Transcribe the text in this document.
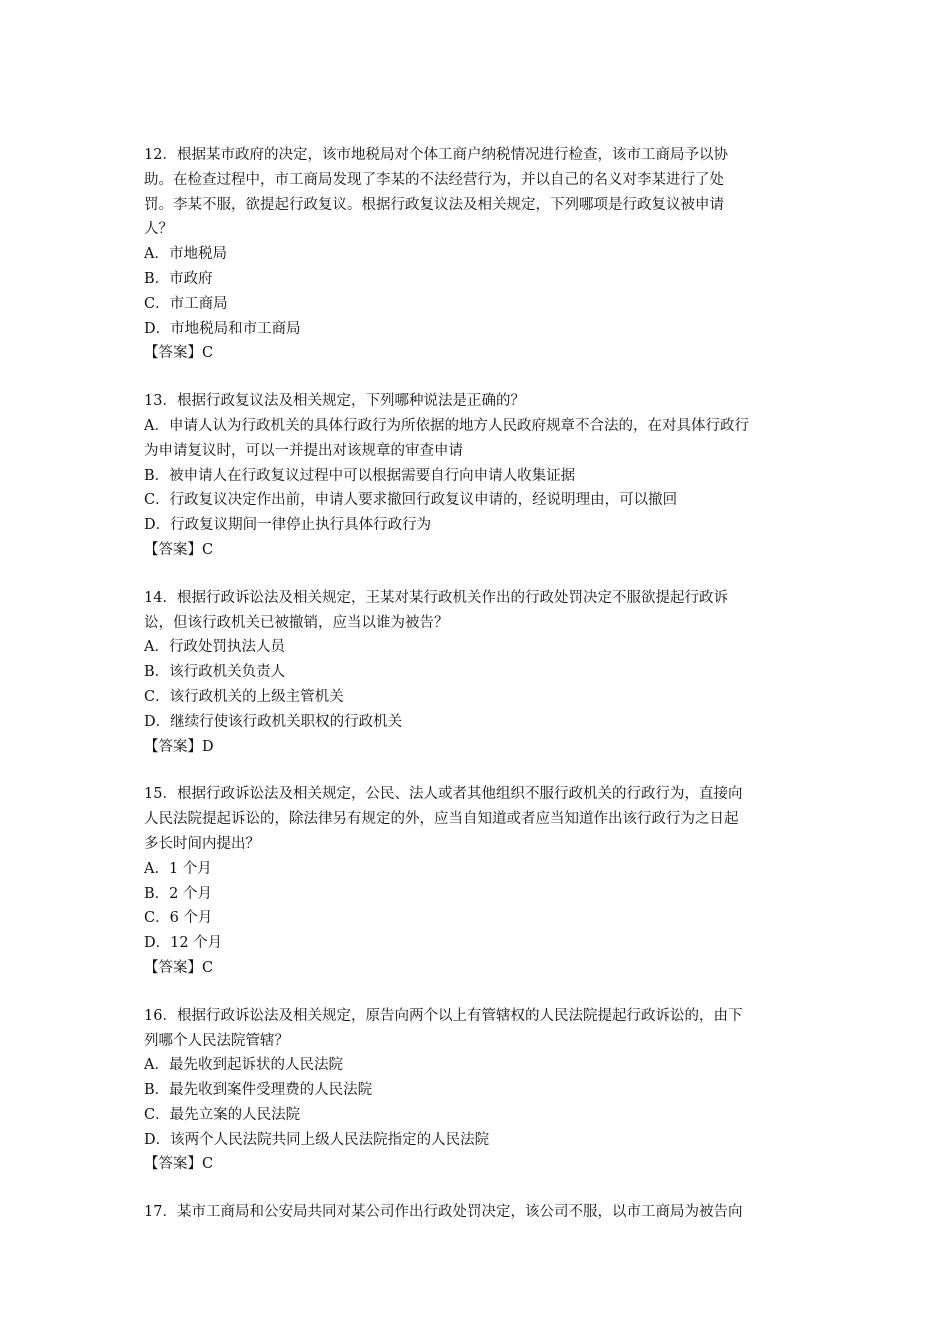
12．根据某市政府的决定，该市地税局对个体工商户纳税情况进行检查，该市工商局予以协
助。在检查过程中，市工商局发现了李某的不法经营行为，并以自己的名义对李某进行了处
罚。李某不服，欲提起行政复议。根据行政复议法及相关规定，下列哪项是行政复议被申请
人？
A．市地税局
B．市政府
C．市工商局
D．市地税局和市工商局
【答案】C
13．根据行政复议法及相关规定，下列哪种说法是正确的？
A．申请人认为行政机关的具体行政行为所依据的地方人民政府规章不合法的，在对具体行政行
为申请复议时，可以一并提出对该规章的审查申请
B．被申请人在行政复议过程中可以根据需要自行向申请人收集证据
C．行政复议决定作出前，申请人要求撤回行政复议申请的，经说明理由，可以撤回
D．行政复议期间一律停止执行具体行政行为
【答案】C
14．根据行政诉讼法及相关规定，王某对某行政机关作出的行政处罚决定不服欲提起行政诉
讼，但该行政机关已被撤销，应当以谁为被告？
A．行政处罚执法人员
B．该行政机关负责人
C．该行政机关的上级主管机关
D．继续行使该行政机关职权的行政机关
【答案】D
15．根据行政诉讼法及相关规定，公民、法人或者其他组织不服行政机关的行政行为，直接向
人民法院提起诉讼的，除法律另有规定的外，应当自知道或者应当知道作出该行政行为之日起
多长时间内提出？
A．1 个月
B．2 个月
C．6 个月
D．12 个月
【答案】C
16．根据行政诉讼法及相关规定，原告向两个以上有管辖权的人民法院提起行政诉讼的，由下
列哪个人民法院管辖？
A．最先收到起诉状的人民法院
B．最先收到案件受理费的人民法院
C．最先立案的人民法院
D．该两个人民法院共同上级人民法院指定的人民法院
【答案】C
17．某市工商局和公安局共同对某公司作出行政处罚决定，该公司不服，以市工商局为被告向
